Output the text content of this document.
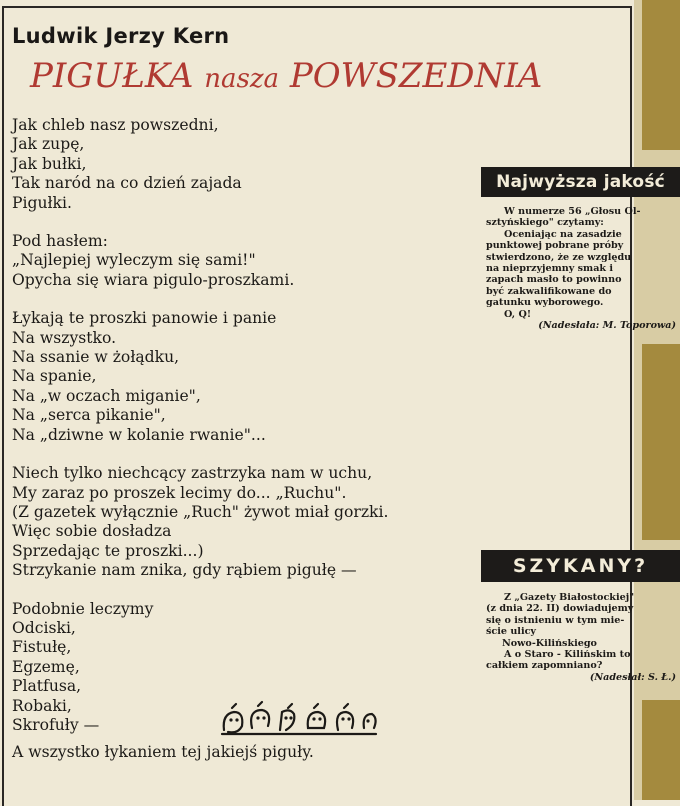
Ludwik Jerzy Kern
PIGUŁKA nasza POWSZEDNIA
Jak chleb nasz powszedni,
Jak zupę,
Jak bułki,
Tak naród na co dzień zajada
Pigułki.
Pod hasłem:
„Najlepiej wyleczym się sami!"
Opycha się wiara pigulo-proszkami.
Łykają te proszki panowie i panie
Na wszystko.
Na ssanie w żołądku,
Na spanie,
Na „w oczach miganie",
Na „serca pikanie",
Na „dziwne w kolanie rwanie"...
Niech tylko niechcący zastrzyka nam w uchu,
My zaraz po proszek lecimy do... „Ruchu".
(Z gazetek wyłącznie „Ruch" żywot miał gorzki.
Więc sobie dosładza
Sprzedając te proszki...)
Strzykanie nam znika, gdy rąbiem pigułę —
Podobnie leczymy
Odciski,
Fistułę,
Egzemę,
Platfusa,
Robaki,
Skrofuły —
A wszystko łykaniem tej jakiejś piguły.
Najwyższa jakość
W numerze 56 „Głosu Ol-
sztyńskiego" czytamy:
Oceniając na zasadzie
punktowej pobrane próby
stwierdzono, że ze względu
na nieprzyjemny smak i
zapach masło to powinno
być zakwalifikowane do
gatunku wyborowego.
O, Q!
(Nadesłała: M. Toporowa)
SZYKANY?
Z „Gazety Białostockiej"
(z dnia 22. II) dowiadujemy
się o istnieniu w tym mie-
ście ulicy
Nowo-Kilińskiego
A o Staro - Kilińskim to
całkiem zapomniano?
(Nadesłał: S. Ł.)
